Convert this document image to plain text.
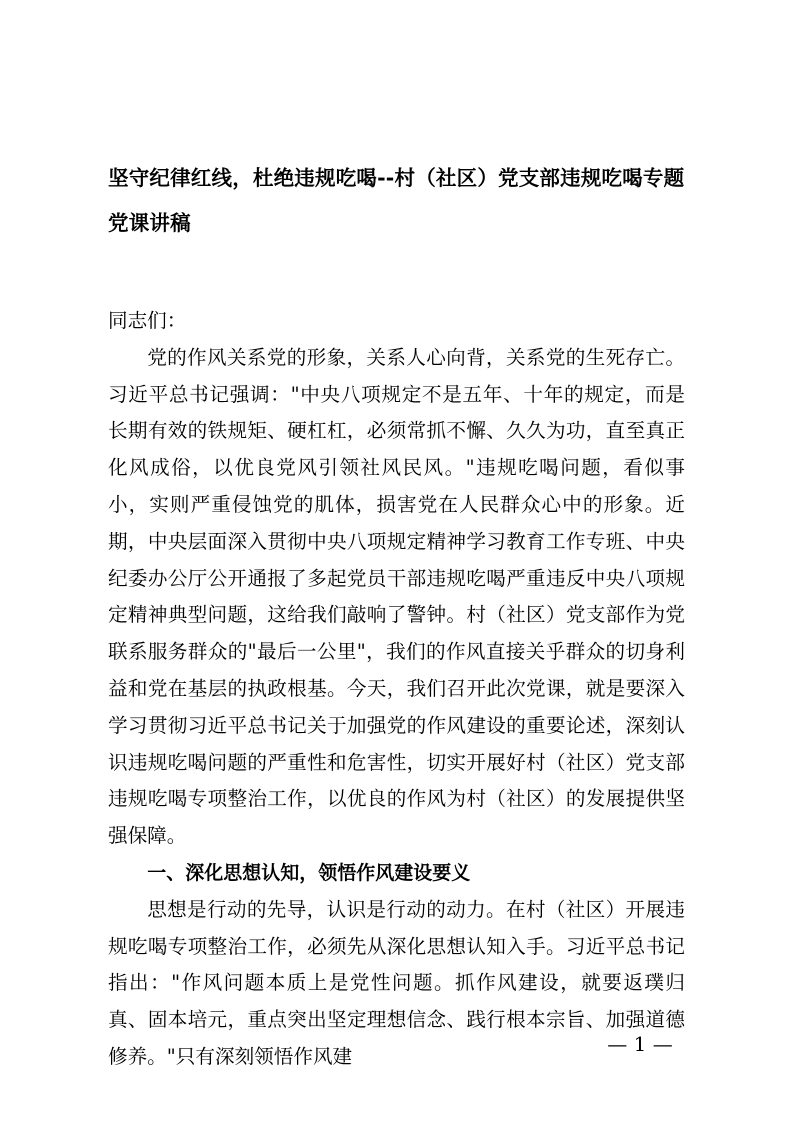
坚守纪律红线，杜绝违规吃喝--村（社区）党支部违规吃喝专题党课讲稿

同志们：

党的作风关系党的形象，关系人心向背，关系党的生死存亡。习近平总书记强调："中央八项规定不是五年、十年的规定，而是长期有效的铁规矩、硬杠杠，必须常抓不懈、久久为功，直至真正化风成俗，以优良党风引领社风民风。"违规吃喝问题，看似事小，实则严重侵蚀党的肌体，损害党在人民群众心中的形象。近期，中央层面深入贯彻中央八项规定精神学习教育工作专班、中央纪委办公厅公开通报了多起党员干部违规吃喝严重违反中央八项规定精神典型问题，这给我们敲响了警钟。村（社区）党支部作为党联系服务群众的"最后一公里"，我们的作风直接关乎群众的切身利益和党在基层的执政根基。今天，我们召开此次党课，就是要深入学习贯彻习近平总书记关于加强党的作风建设的重要论述，深刻认识违规吃喝问题的严重性和危害性，切实开展好村（社区）党支部违规吃喝专项整治工作，以优良的作风为村（社区）的发展提供坚强保障。

一、深化思想认知，领悟作风建设要义

思想是行动的先导，认识是行动的动力。在村（社区）开展违规吃喝专项整治工作，必须先从深化思想认知入手。习近平总书记指出："作风问题本质上是党性问题。抓作风建设，就要返璞归真、固本培元，重点突出坚定理想信念、践行根本宗旨、加强道德修养。"只有深刻领悟作风建

— 1 —
